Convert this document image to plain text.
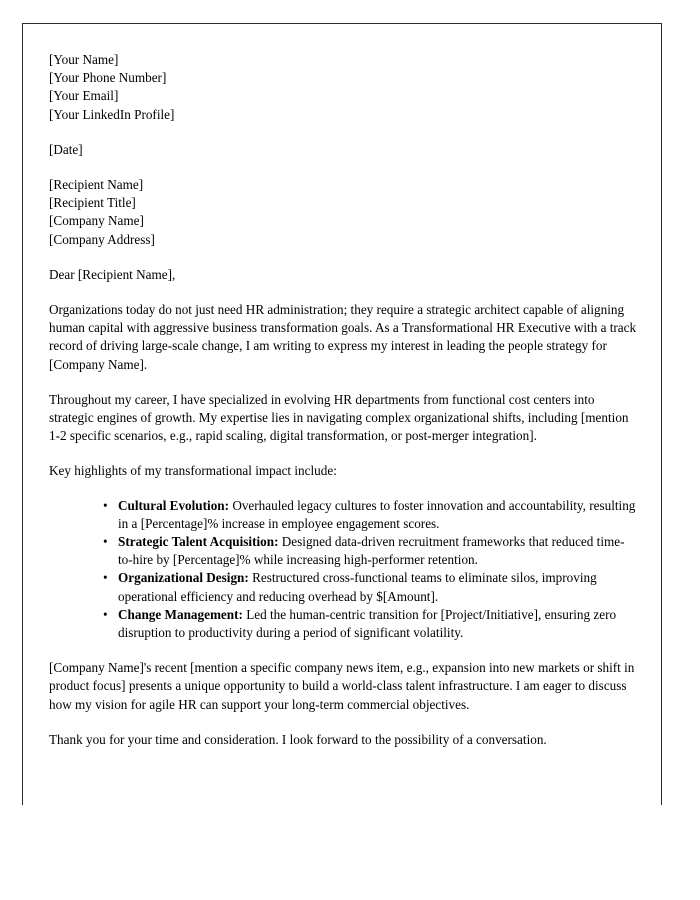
[Your Name]
[Your Phone Number]
[Your Email]
[Your LinkedIn Profile]
[Date]
[Recipient Name]
[Recipient Title]
[Company Name]
[Company Address]

Dear [Recipient Name],

Organizations today do not just need HR administration; they require a strategic architect capable of aligning human capital with aggressive business transformation goals. As a Transformational HR Executive with a track record of driving large-scale change, I am writing to express my interest in leading the people strategy for [Company Name].

Throughout my career, I have specialized in evolving HR departments from functional cost centers into strategic engines of growth. My expertise lies in navigating complex organizational shifts, including [mention 1-2 specific scenarios, e.g., rapid scaling, digital transformation, or post-merger integration].

Key highlights of my transformational impact include:

• Cultural Evolution: Overhauled legacy cultures to foster innovation and accountability, resulting in a [Percentage]% increase in employee engagement scores.
• Strategic Talent Acquisition: Designed data-driven recruitment frameworks that reduced time-to-hire by [Percentage]% while increasing high-performer retention.
• Organizational Design: Restructured cross-functional teams to eliminate silos, improving operational efficiency and reducing overhead by $[Amount].
• Change Management: Led the human-centric transition for [Project/Initiative], ensuring zero disruption to productivity during a period of significant volatility.

[Company Name]'s recent [mention a specific company news item, e.g., expansion into new markets or shift in product focus] presents a unique opportunity to build a world-class talent infrastructure. I am eager to discuss how my vision for agile HR can support your long-term commercial objectives.

Thank you for your time and consideration. I look forward to the possibility of a conversation.
